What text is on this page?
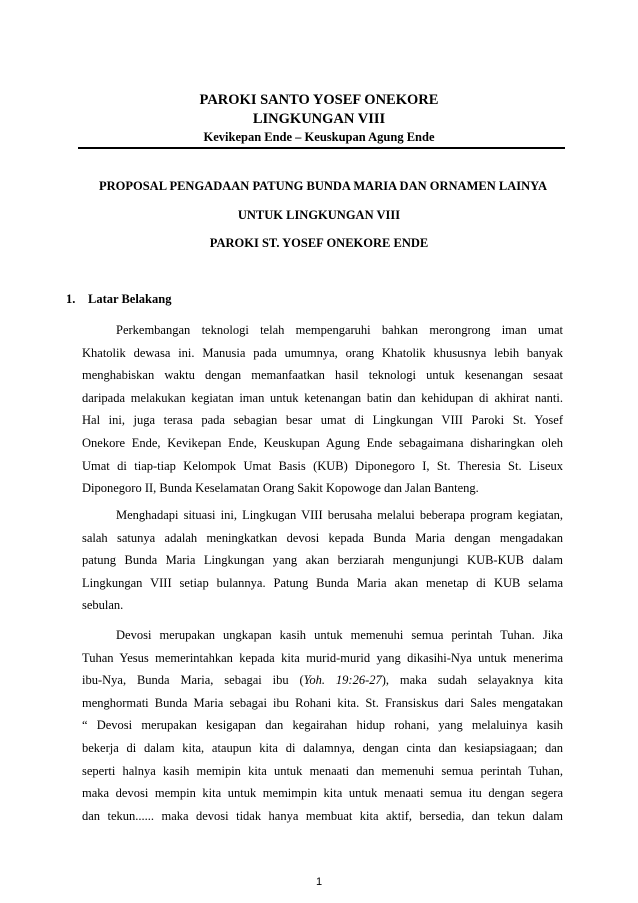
PAROKI SANTO YOSEF ONEKORE
LINGKUNGAN VIII
Kevikepan Ende – Keuskupan Agung Ende
PROPOSAL PENGADAAN PATUNG BUNDA MARIA DAN ORNAMEN LAINYA
UNTUK LINGKUNGAN VIII
PAROKI ST. YOSEF ONEKORE ENDE
1. Latar Belakang
Perkembangan teknologi telah mempengaruhi bahkan merongrong iman umat
Khatolik dewasa ini. Manusia pada umumnya, orang Khatolik khususnya lebih banyak
menghabiskan waktu dengan memanfaatkan hasil teknologi untuk kesenangan sesaat
daripada melakukan kegiatan iman untuk ketenangan batin dan kehidupan di akhirat nanti.
Hal ini, juga terasa pada sebagian besar umat di Lingkungan VIII Paroki St. Yosef
Onekore Ende, Kevikepan Ende, Keuskupan Agung Ende sebagaimana disharingkan oleh
Umat di tiap-tiap Kelompok Umat Basis (KUB) Diponegoro I, St. Theresia St. Liseux
Diponegoro II, Bunda Keselamatan Orang Sakit Kopowoge dan Jalan Banteng.
Menghadapi situasi ini, Lingkugan VIII berusaha melalui beberapa program kegiatan,
salah satunya adalah meningkatkan devosi kepada Bunda Maria dengan mengadakan
patung Bunda Maria Lingkungan yang akan berziarah mengunjungi KUB-KUB dalam
Lingkungan VIII setiap bulannya. Patung Bunda Maria akan menetap di KUB selama
sebulan.
Devosi merupakan ungkapan kasih untuk memenuhi semua perintah Tuhan. Jika
Tuhan Yesus memerintahkan kepada kita murid-murid yang dikasihi-Nya untuk menerima
ibu-Nya, Bunda Maria, sebagai ibu (Yoh. 19:26-27), maka sudah selayaknya kita
menghormati Bunda Maria sebagai ibu Rohani kita. St. Fransiskus dari Sales mengatakan
“ Devosi merupakan kesigapan dan kegairahan hidup rohani, yang melaluinya kasih
bekerja di dalam kita, ataupun kita di dalamnya, dengan cinta dan kesiapsiagaan; dan
seperti halnya kasih memipin kita untuk menaati dan memenuhi semua perintah Tuhan,
maka devosi mempin kita untuk memimpin kita untuk menaati semua itu dengan segera
dan tekun...... maka devosi tidak hanya membuat kita aktif, bersedia, dan tekun dalam
1
